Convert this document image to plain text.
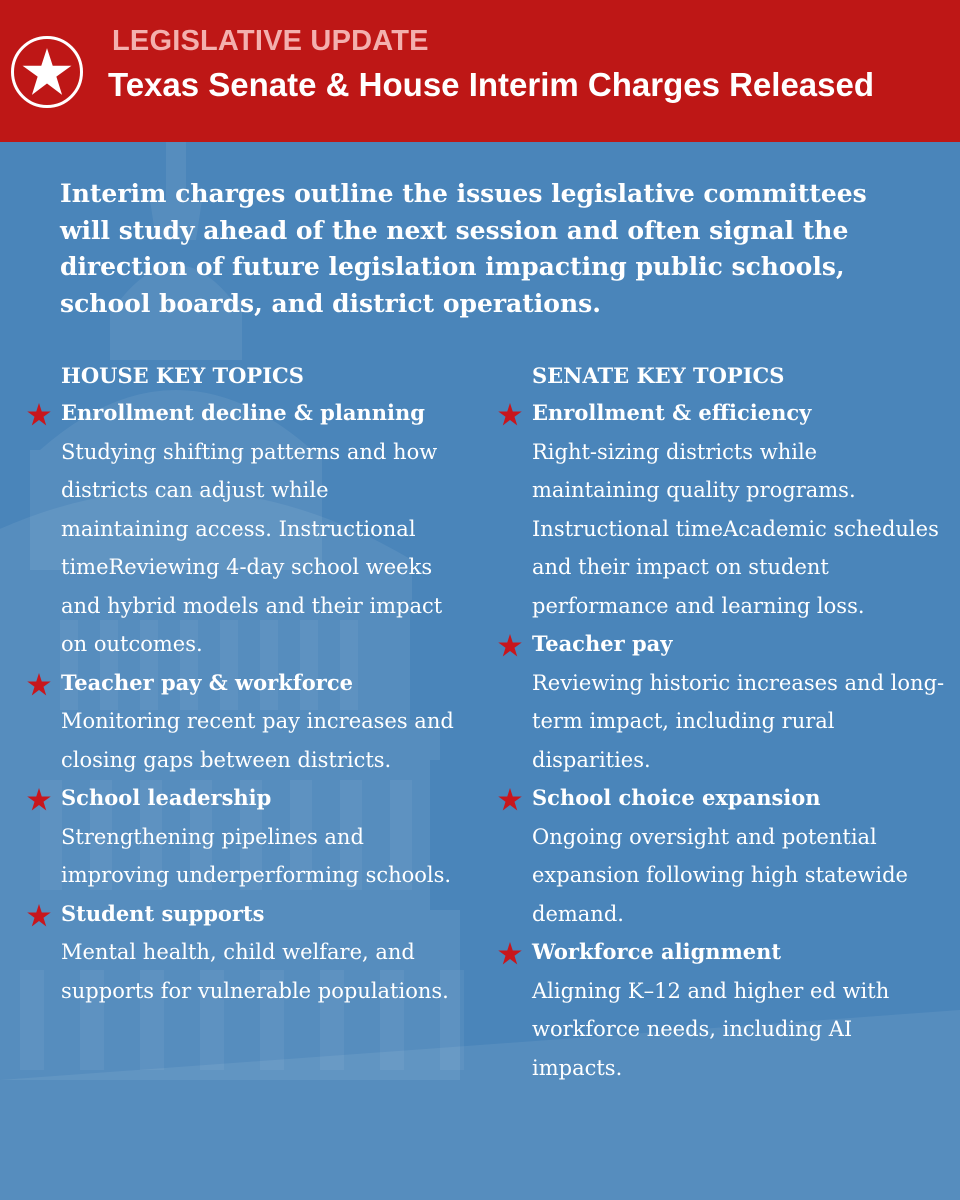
LEGISLATIVE UPDATE
Texas Senate & House Interim Charges Released

Interim charges outline the issues legislative committees will study ahead of the next session and often signal the direction of future legislation impacting public schools, school boards, and district operations.

HOUSE KEY TOPICS
Enrollment decline & planning

Studying shifting patterns and how districts can adjust while maintaining access. Instructional timeReviewing 4-day school weeks and hybrid models and their impact on outcomes.

Teacher pay & workforce

Monitoring recent pay increases and closing gaps between districts.

School leadership

Strengthening pipelines and improving underperforming schools.

Student supports

Mental health, child welfare, and supports for vulnerable populations.

SENATE KEY TOPICS
Enrollment & efficiency

Right-sizing districts while maintaining quality programs. Instructional timeAcademic schedules and their impact on student performance and learning loss.

Teacher pay

Reviewing historic increases and long-term impact, including rural disparities.

School choice expansion

Ongoing oversight and potential expansion following high statewide demand.

Workforce alignment

Aligning K–12 and higher ed with workforce needs, including AI impacts.
